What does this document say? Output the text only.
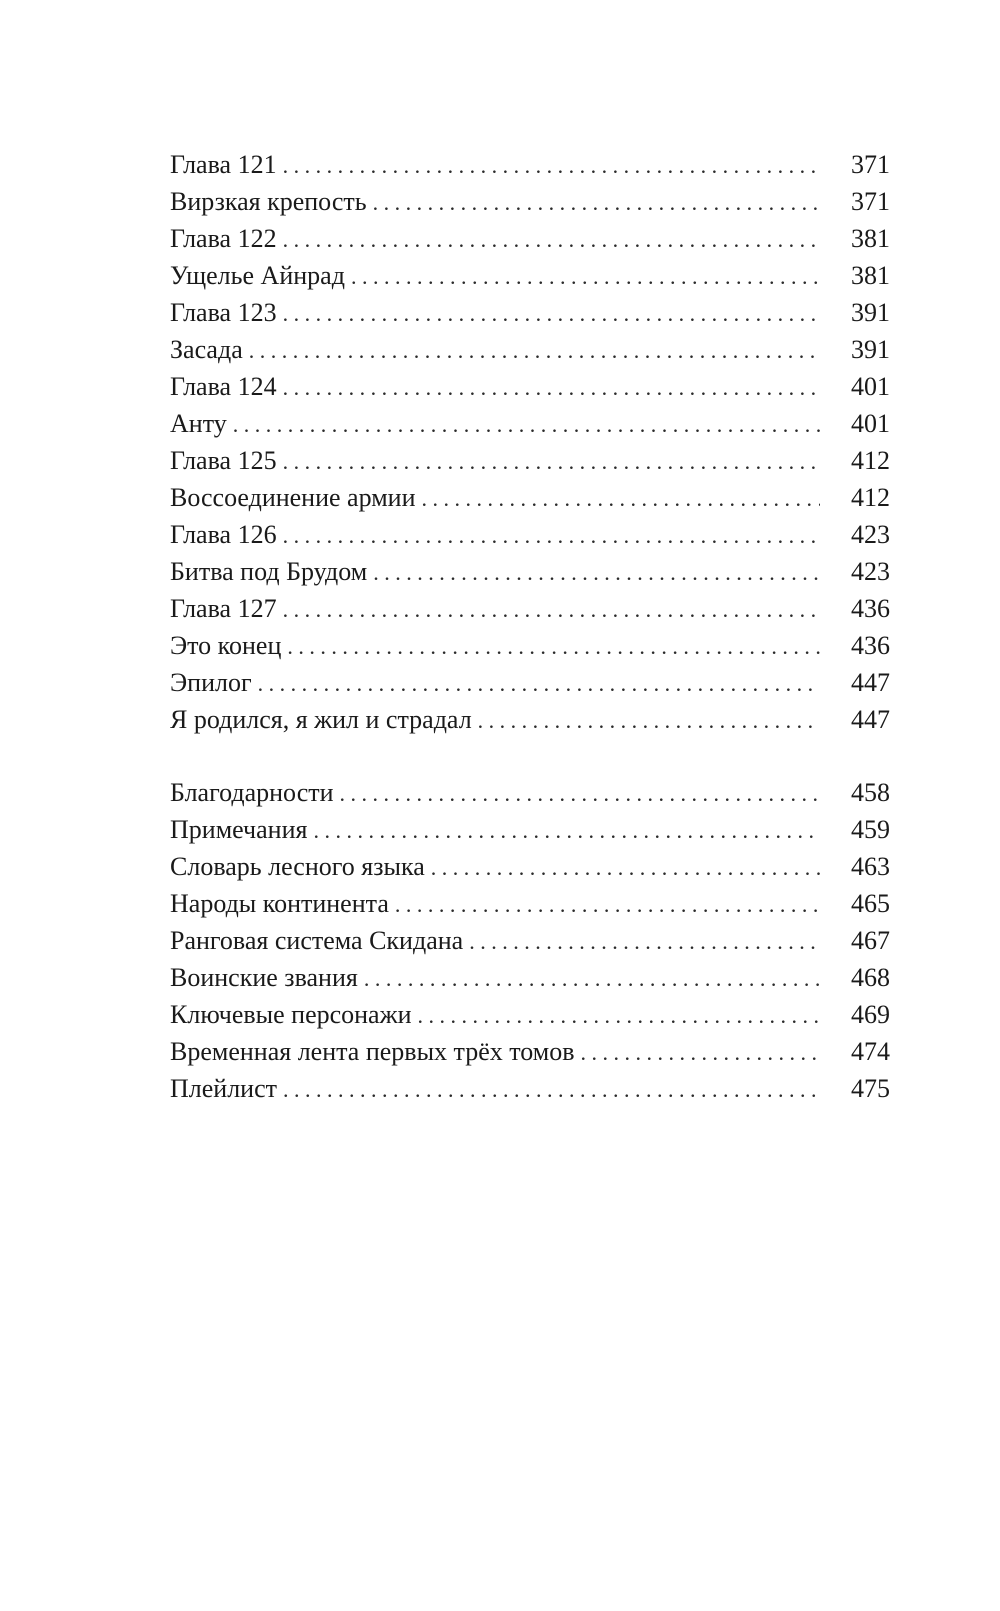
Глава 121 . . .	371
Вирзкая крепость . . .	371
Глава 122 . . .	381
Ущелье Айнрад . . .	381
Глава 123 . . .	391
Засада . . .	391
Глава 124 . . .	401
Анту . . .	401
Глава 125 . . .	412
Воссоединение армии . . .	412
Глава 126 . . .	423
Битва под Брудом . . .	423
Глава 127 . . .	436
Это конец . . .	436
Эпилог . . .	447
Я родился, я жил и страдал . . .	447
Благодарности . . .	458
Примечания . . .	459
Словарь лесного языка . . .	463
Народы континента . . .	465
Ранговая система Скидана . . .	467
Воинские звания . . .	468
Ключевые персонажи . . .	469
Временная лента первых трёх томов . . .	474
Плейлист . . .	475
